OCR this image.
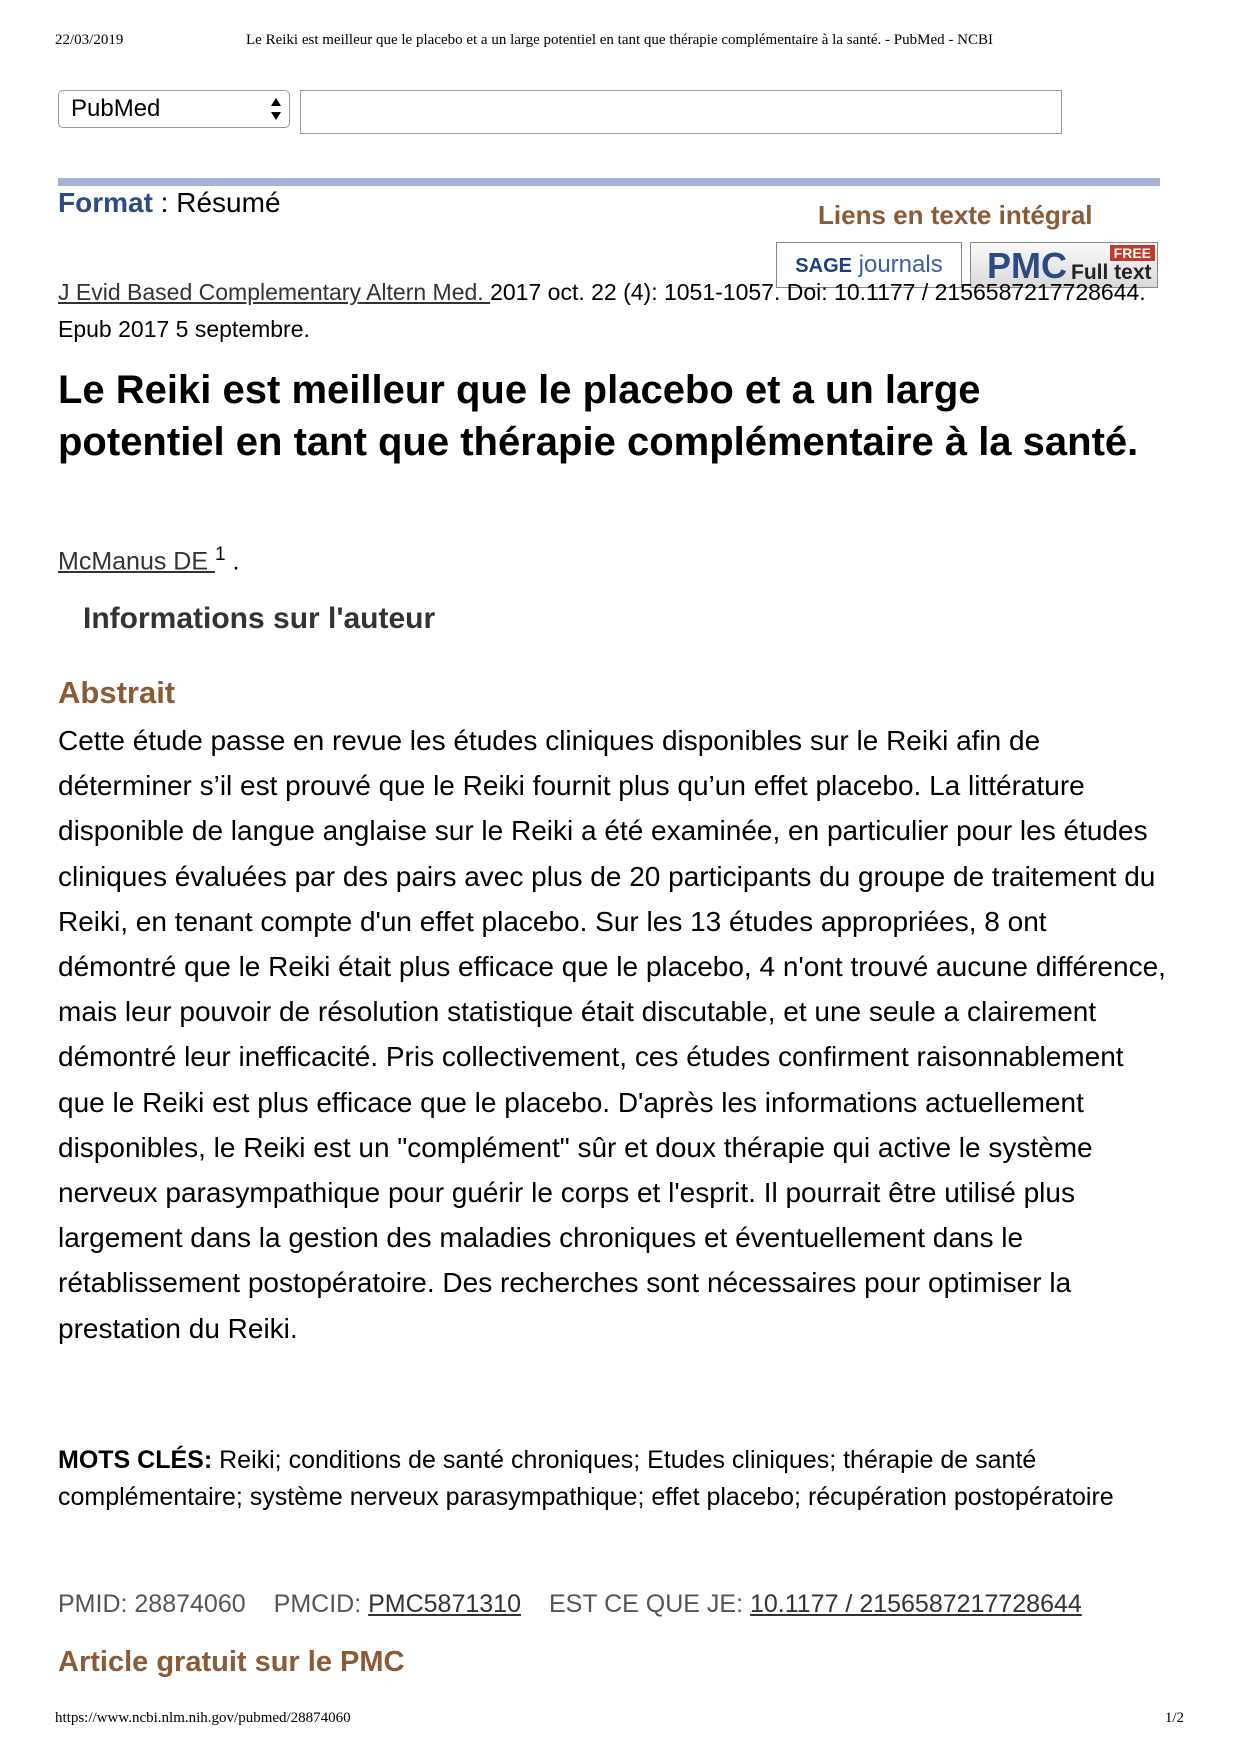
22/03/2019	Le Reiki est meilleur que le placebo et a un large potentiel en tant que thérapie complémentaire à la santé. - PubMed - NCBI
PubMed
Format : Résumé	Liens en texte intégral
SAGE journals	PMC Full text
FREE
J Evid Based Complementary Altern Med. 2017 oct. 22 (4): 1051-1057. Doi: 10.1177 / 2156587217728644. Epub 2017 5 septembre.
Le Reiki est meilleur que le placebo et a un large potentiel en tant que thérapie complémentaire à la santé.
McManus DE $^1$ .
Informations sur l'auteur
Abstrait

Cette étude passe en revue les études cliniques disponibles sur le Reiki afin de déterminer s’il est prouvé que le Reiki fournit plus qu’un effet placebo. La littérature disponible de langue anglaise sur le Reiki a été examinée, en particulier pour les études cliniques évaluées par des pairs avec plus de 20 participants du groupe de traitement du Reiki, en tenant compte d'un effet placebo. Sur les 13 études appropriées, 8 ont démontré que le Reiki était plus efficace que le placebo, 4 n'ont trouvé aucune différence, mais leur pouvoir de résolution statistique était discutable, et une seule a clairement démontré leur inefficacité. Pris collectivement, ces études confirment raisonnablement que le Reiki est plus efficace que le placebo. D'après les informations actuellement disponibles, le Reiki est un "complément" sûr et doux thérapie qui active le système nerveux parasympathique pour guérir le corps et l'esprit. Il pourrait être utilisé plus largement dans la gestion des maladies chroniques et éventuellement dans le rétablissement postopératoire. Des recherches sont nécessaires pour optimiser la prestation du Reiki.

MOTS CLÉS: Reiki; conditions de santé chroniques; Etudes cliniques; thérapie de santé complémentaire; système nerveux parasympathique; effet placebo; récupération postopératoire

PMID: 28874060 PMCID: PMC5871310 EST CE QUE JE: 10.1177 / 2156587217728644
Article gratuit sur le PMC
https://www.ncbi.nlm.nih.gov/pubmed/28874060	1/2
